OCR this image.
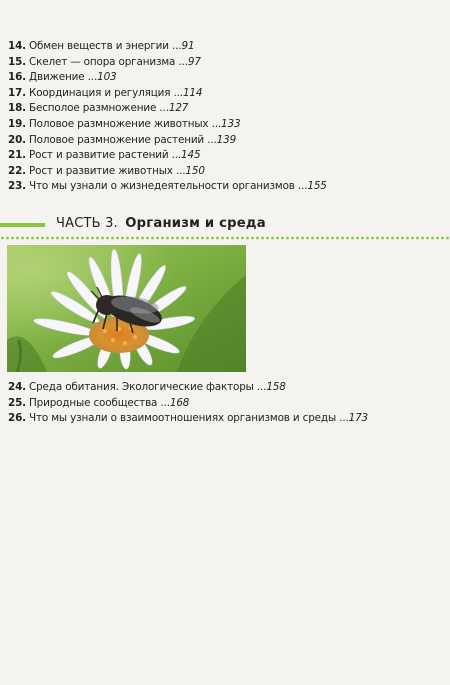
14. Обмен веществ и энергии ...91
15. Скелет — опора организма ...97
16. Движение ...103
17. Координация и регуляция ...114
18. Бесполое размножение ...127
19. Половое размножение животных ...133
20. Половое размножение растений ...139
21. Рост и развитие растений ...145
22. Рост и развитие животных ...150
23. Что мы узнали о жизнедеятельности организмов ...155
ЧАСТЬ 3. Организм и среда
24. Среда обитания. Экологические факторы ...158
25. Природные сообщества ...168
26. Что мы узнали о взаимоотношениях организмов и среды ...173
